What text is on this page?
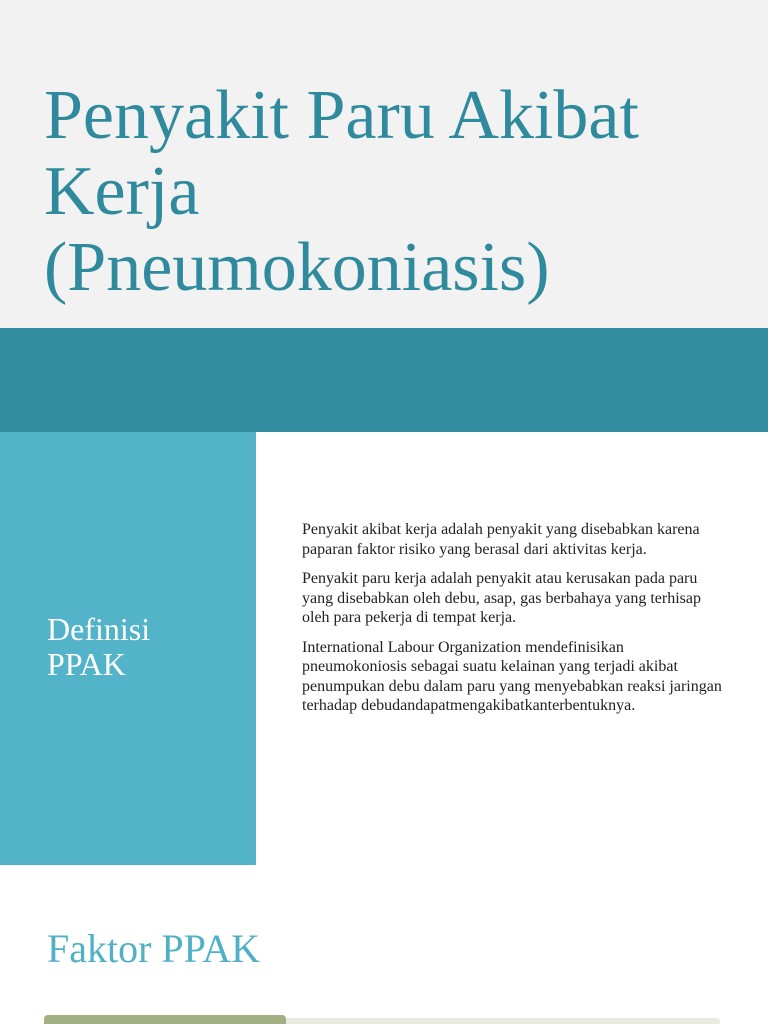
Penyakit Paru Akibat
Kerja
(Pneumokoniasis)
Definisi
PPAK

Penyakit akibat kerja adalah penyakit yang disebabkan karena paparan faktor risiko yang berasal dari aktivitas kerja.

Penyakit paru kerja adalah penyakit atau kerusakan pada paru yang disebabkan oleh debu, asap, gas berbahaya yang terhisap oleh para pekerja di tempat kerja.

International Labour Organization mendefinisikan pneumokoniosis sebagai suatu kelainan yang terjadi akibat penumpukan debu dalam paru yang menyebabkan reaksi jaringan terhadap debudandapatmengakibatkanterbentuknya.

Faktor PPAK
